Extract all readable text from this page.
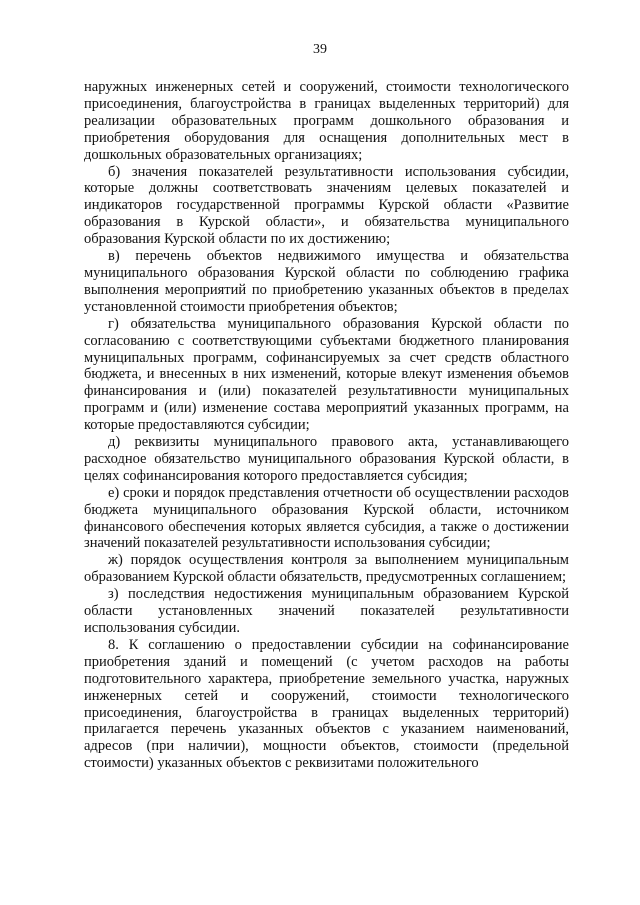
39

наружных инженерных сетей и сооружений, стоимости технологического присоединения, благоустройства в границах выделенных территорий) для реализации образовательных программ дошкольного образования и приобретения оборудования для оснащения дополнительных мест в дошкольных образовательных организациях;

б) значения показателей результативности использования субсидии, которые должны соответствовать значениям целевых показателей и индикаторов государственной программы Курской области «Развитие образования в Курской области», и обязательства муниципального образования Курской области по их достижению;

в) перечень объектов недвижимого имущества и обязательства муниципального образования Курской области по соблюдению графика выполнения мероприятий по приобретению указанных объектов в пределах установленной стоимости приобретения объектов;

г) обязательства муниципального образования Курской области по согласованию с соответствующими субъектами бюджетного планирования муниципальных программ, софинансируемых за счет средств областного бюджета, и внесенных в них изменений, которые влекут изменения объемов финансирования и (или) показателей результативности муниципальных программ и (или) изменение состава мероприятий указанных программ, на которые предоставляются субсидии;

д) реквизиты муниципального правового акта, устанавливающего расходное обязательство муниципального образования Курской области, в целях софинансирования которого предоставляется субсидия;

е) сроки и порядок представления отчетности об осуществлении расходов бюджета муниципального образования Курской области, источником финансового обеспечения которых является субсидия, а также о достижении значений показателей результативности использования субсидии;

ж) порядок осуществления контроля за выполнением муниципальным образованием Курской области обязательств, предусмотренных соглашением;

з) последствия недостижения муниципальным образованием Курской области установленных значений показателей результативности использования субсидии.

8. К соглашению о предоставлении субсидии на софинансирование приобретения зданий и помещений (с учетом расходов на работы подготовительного характера, приобретение земельного участка, наружных инженерных сетей и сооружений, стоимости технологического присоединения, благоустройства в границах выделенных территорий) прилагается перечень указанных объектов с указанием наименований, адресов (при наличии), мощности объектов, стоимости (предельной стоимости) указанных объектов с реквизитами положительного
